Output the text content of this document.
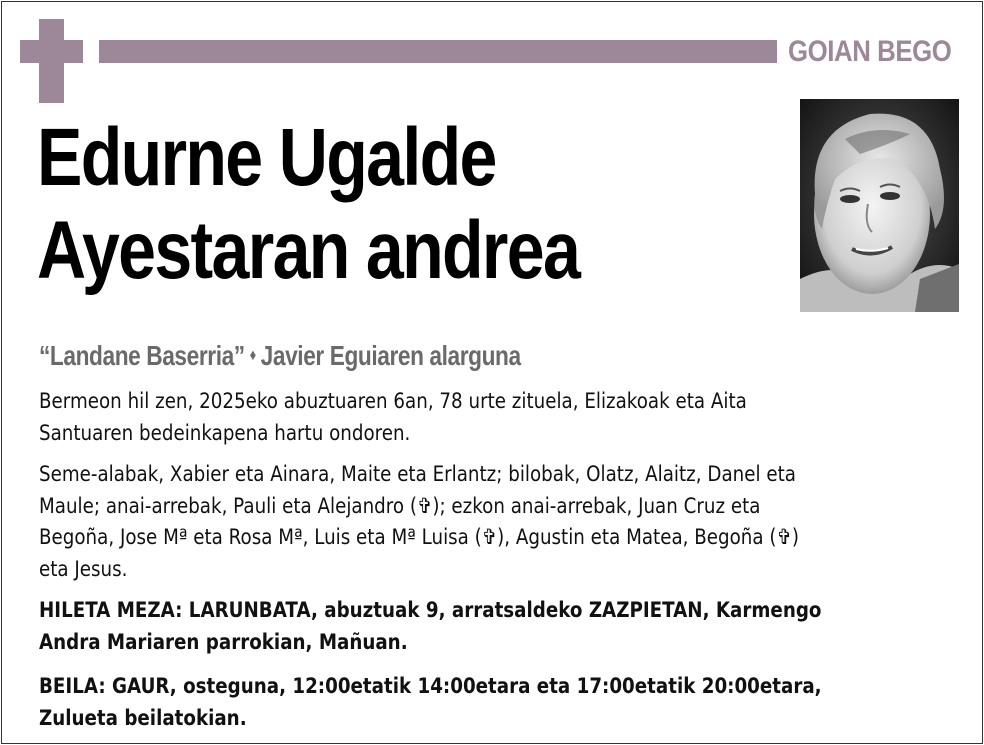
GOIAN BEGO
Edurne Ugalde
Ayestaran andrea
“Landane Baserria” ♦ Javier Eguiaren alarguna
Bermeon hil zen, 2025eko abuztuaren 6an, 78 urte zituela, Elizakoak eta Aita
Santuaren bedeinkapena hartu ondoren.
Seme-alabak, Xabier eta Ainara, Maite eta Erlantz; bilobak, Olatz, Alaitz, Danel eta
Maule; anai-arrebak, Pauli eta Alejandro (✞); ezkon anai-arrebak, Juan Cruz eta
Begoña, Jose Mª eta Rosa Mª, Luis eta Mª Luisa (✞), Agustin eta Matea, Begoña (✞)
eta Jesus.
HILETA MEZA: LARUNBATA, abuztuak 9, arratsaldeko ZAZPIETAN, Karmengo
Andra Mariaren parrokian, Mañuan.
BEILA: GAUR, osteguna, 12:00etatik 14:00etara eta 17:00etatik 20:00etara,
Zulueta beilatokian.
